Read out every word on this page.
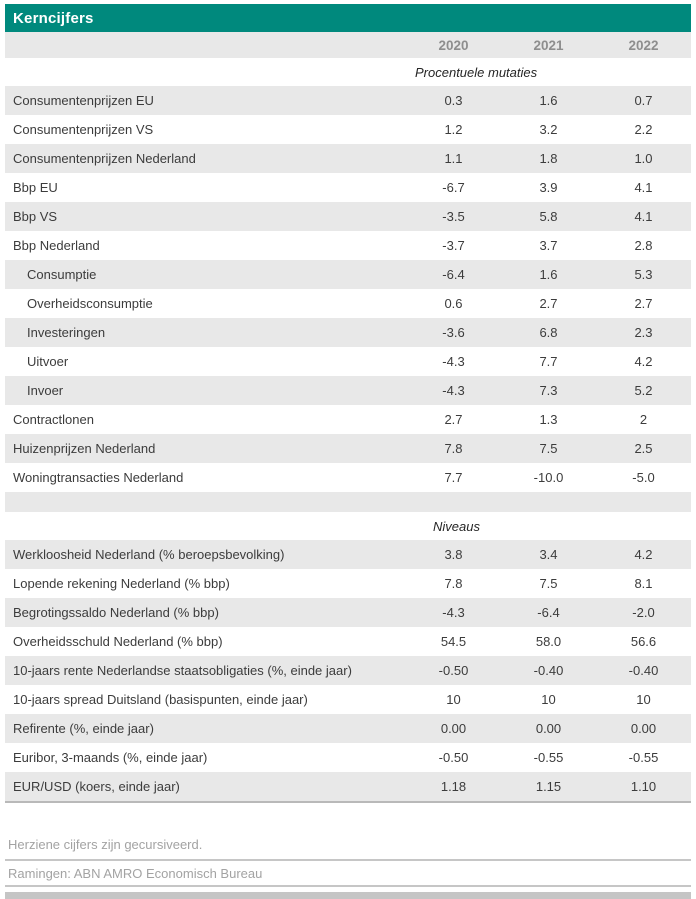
Kerncijfers
	2020	2021	2022
Procentuele mutaties			
Consumentenprijzen EU	0.3	1.6	0.7
Consumentenprijzen VS	1.2	3.2	2.2
Consumentenprijzen Nederland	1.1	1.8	1.0
Bbp EU	-6.7	3.9	4.1
Bbp VS	-3.5	5.8	4.1
Bbp Nederland	-3.7	3.7	2.8
Consumptie	-6.4	1.6	5.3
Overheidsconsumptie	0.6	2.7	2.7
Investeringen	-3.6	6.8	2.3
Uitvoer	-4.3	7.7	4.2
Invoer	-4.3	7.3	5.2
Contractlonen	2.7	1.3	2
Huizenprijzen Nederland	7.8	7.5	2.5
Woningtransacties Nederland	7.7	-10.0	-5.0

Niveaus			
Werkloosheid Nederland (% beroepsbevolking)	3.8	3.4	4.2
Lopende rekening Nederland (% bbp)	7.8	7.5	8.1
Begrotingssaldo Nederland (% bbp)	-4.3	-6.4	-2.0
Overheidsschuld Nederland (% bbp)	54.5	58.0	56.6
10-jaars rente Nederlandse staatsobligaties (%, einde jaar)	-0.50	-0.40	-0.40
10-jaars spread Duitsland (basispunten, einde jaar)	10	10	10
Refirente (%, einde jaar)	0.00	0.00	0.00
Euribor, 3-maands (%, einde jaar)	-0.50	-0.55	-0.55
EUR/USD (koers, einde jaar)	1.18	1.15	1.10
Herziene cijfers zijn gecursiveerd.
Ramingen: ABN AMRO Economisch Bureau
